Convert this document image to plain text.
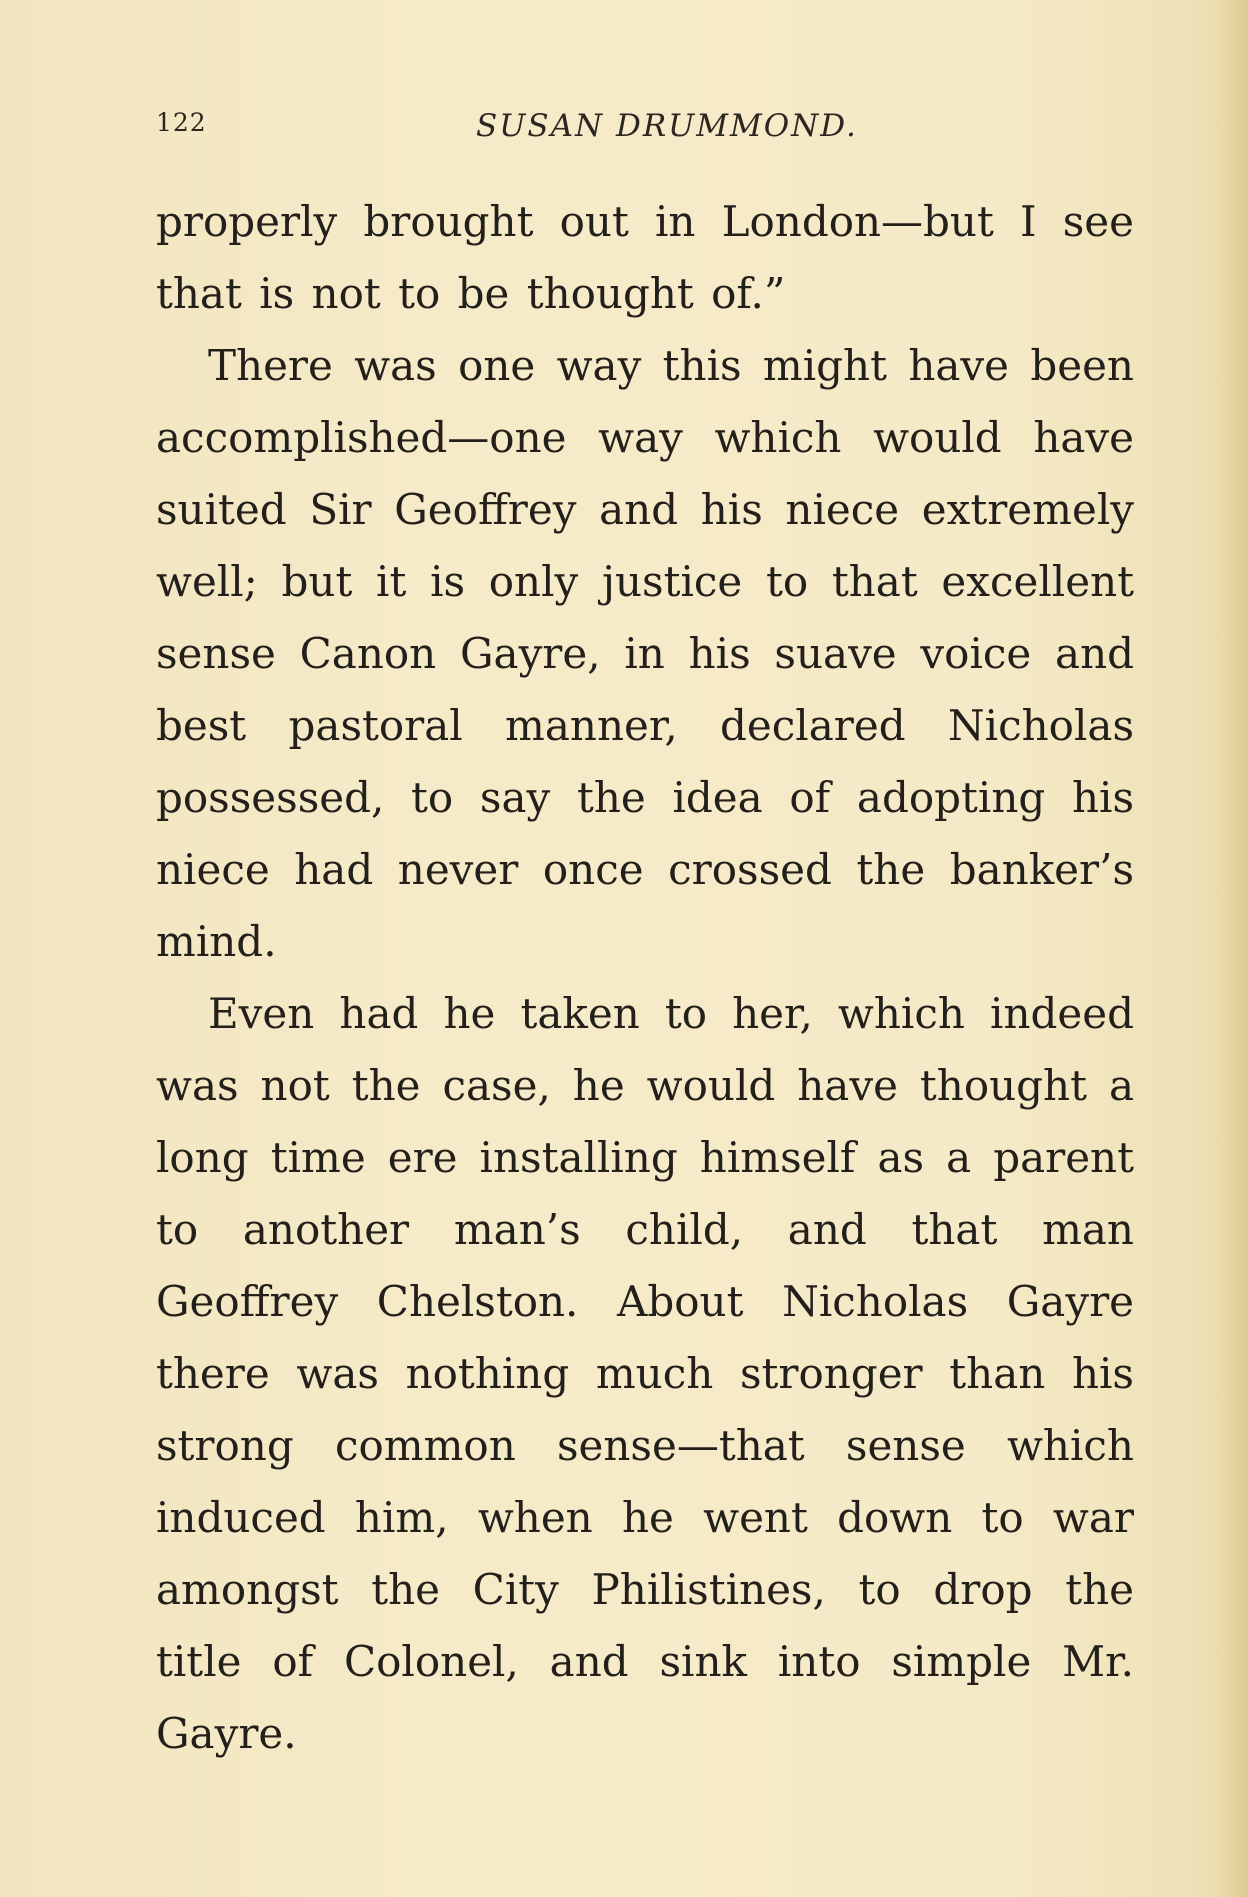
122	SUSAN DRUMMOND.

properly brought out in London—but I see that is not to be thought of.”

There was one way this might have been accomplished—one way which would have suited Sir Geoffrey and his niece extremely well; but it is only justice to that excellent sense Canon Gayre, in his suave voice and best pastoral manner, declared Nicholas possessed, to say the idea of adopting his niece had never once crossed the banker’s mind.

Even had he taken to her, which indeed was not the case, he would have thought a long time ere installing himself as a parent to another man’s child, and that man Geoffrey Chelston. About Nicholas Gayre there was nothing much stronger than his strong common sense—that sense which induced him, when he went down to war amongst the City Philistines, to drop the title of Colonel, and sink into simple Mr. Gayre.
